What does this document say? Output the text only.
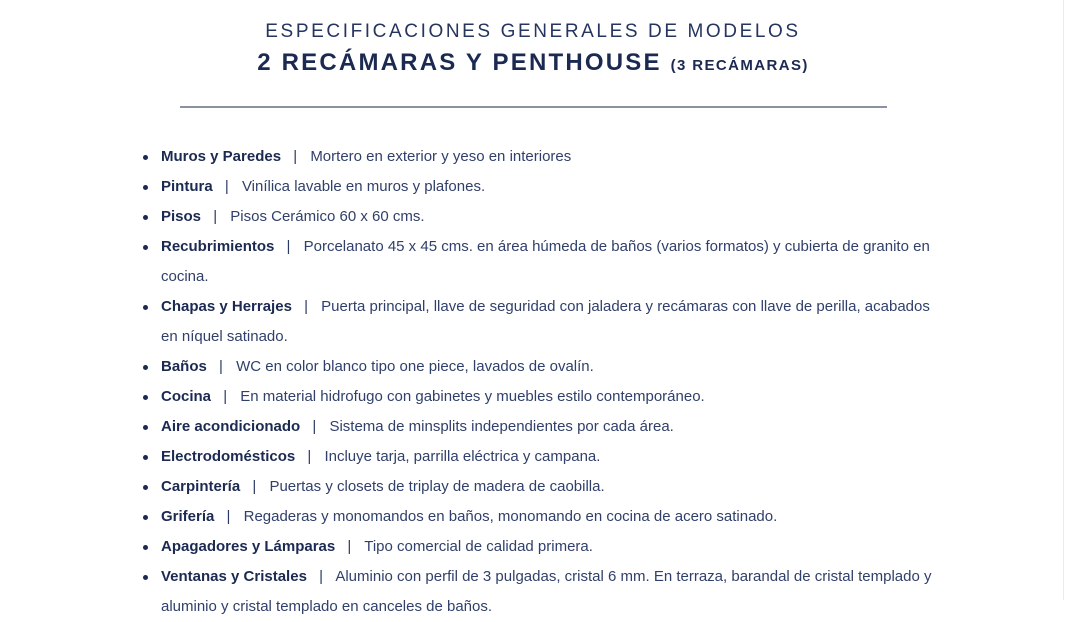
ESPECIFICACIONES GENERALES DE MODELOS
2 RECÁMARAS Y PENTHOUSE (3 RECÁMARAS)
Muros y Paredes | Mortero en exterior y yeso en interiores
Pintura | Vinílica lavable en muros y plafones.
Pisos | Pisos Cerámico 60 x 60 cms.
Recubrimientos | Porcelanato 45 x 45 cms. en área húmeda de baños (varios formatos) y cubierta de granito en cocina.
Chapas y Herrajes | Puerta principal, llave de seguridad con jaladera y recámaras con llave de perilla, acabados en níquel satinado.
Baños | WC en color blanco tipo one piece, lavados de ovalín.
Cocina | En material hidrofugo con gabinetes y muebles estilo contemporáneo.
Aire acondicionado | Sistema de minsplits independientes por cada área.
Electrodomésticos | Incluye tarja, parrilla eléctrica y campana.
Carpintería | Puertas y closets de triplay de madera de caobilla.
Grifería | Regaderas y monomandos en baños, monomando en cocina de acero satinado.
Apagadores y Lámparas | Tipo comercial de calidad primera.
Ventanas y Cristales | Aluminio con perfil de 3 pulgadas, cristal 6 mm. En terraza, barandal de cristal templado y aluminio y cristal templado en canceles de baños.
